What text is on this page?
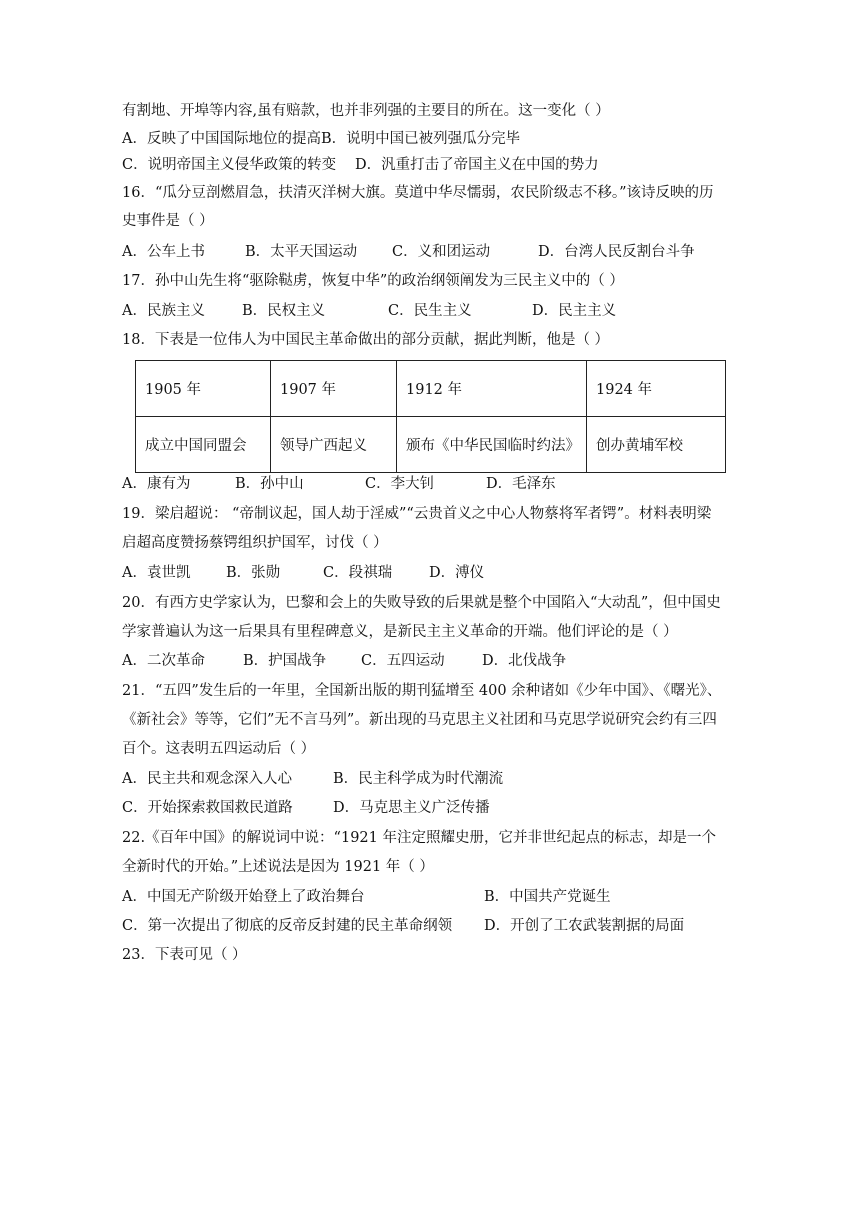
有割地、开埠等内容,虽有赔款，也并非列强的主要目的所在。这一变化（ ）
A．反映了中国国际地位的提高B．说明中国已被列强瓜分完毕
C．说明帝国主义侵华政策的转变 D．汎重打击了帝国主义在中国的势力
16．“瓜分豆剖燃眉急，扶清灭洋树大旗。莫道中华尽懦弱，农民阶级志不移。”该诗反映的历
史事件是（ ）
A．公车上书	B．太平天国运动 C．义和团运动	D．台湾人民反割台斗争
17．孙中山先生将“驱除鞑虏，恢复中华”的政治纲领阐发为三民主义中的（ ）
A．民族主义	B．民权主义	C．民生主义	D．民主主义
18．下表是一位伟人为中国民主革命做出的部分贡献，据此判断，他是（ ）
1905 年	1907 年	1912 年	1924 年
成立中国同盟会	领导广西起义	颁布《中华民国临时约法》	创办黄埔军校
A．康有为	B．孙中山	C．李大钊	D．毛泽东
19．梁启超说： “帝制议起，国人劫于淫威”“云贵首义之中心人物蔡将军者锷”。材料表明梁
启超高度赞扬蔡锷组织护国军，讨伐（ ）
A．袁世凯 B．张勋	C．段祺瑞	D．溥仪
20．有西方史学家认为，巴黎和会上的失败导致的后果就是整个中国陷入“大动乱”，但中国史
学家普遍认为这一后果具有里程碑意义，是新民主主义革命的开端。他们评论的是（ ）
A．二次革命	B．护国战争 C．五四运动	D．北伐战争
21．“五四”发生后的一年里，全国新出版的期刊猛增至 400 余种诸如《少年中国》、《曙光》、
《新社会》等等，它们”无不言马列”。新出现的马克思主义社团和马克思学说研究会约有三四
百个。这表明五四运动后（ ）
A．民主共和观念深入人心	B．民主科学成为时代潮流
C．开始探索救国救民道路	D．马克思主义广泛传播
22.《百年中国》的解说词中说：“1921 年注定照耀史册，它并非世纪起点的标志，却是一个
全新时代的开始。”上述说法是因为 1921 年（ ）
A．中国无产阶级开始登上了政治舞台	B．中国共产党诞生
C．第一次提出了彻底的反帝反封建的民主革命纲领 D．开创了工农武装割据的局面
23．下表可见（ ）
